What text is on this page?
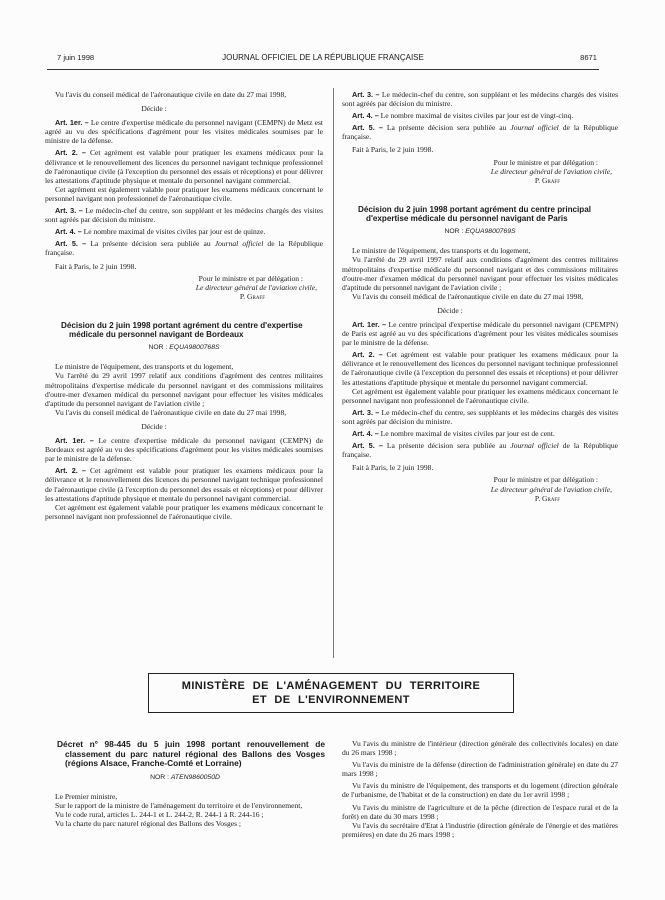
7 juin 1998	JOURNAL OFFICIEL DE LA RÉPUBLIQUE FRANÇAISE	8671

Vu l'avis du conseil médical de l'aéronautique civile en date du 27 mai 1998,

Décide :

Art. 1er. – Le centre d'expertise médicale du personnel navigant (CEMPN) de Metz est agréé au vu des spécifications d'agrément pour les visites médicales soumises par le ministre de la défense.

Art. 2. – Cet agrément est valable pour pratiquer les examens médicaux pour la délivrance et le renouvellement des licences du personnel navigant technique professionnel de l'aéronautique civile (à l'exception du personnel des essais et réceptions) et pour délivrer les attestations d'aptitude physique et mentale du personnel navigant commercial.

Cet agrément est également valable pour pratiquer les examens médicaux concernant le personnel navigant non professionnel de l'aéronautique civile.

Art. 3. – Le médecin-chef du centre, son suppléant et les médecins chargés des visites sont agréés par décision du ministre.

Art. 4. – Le nombre maximal de visites civiles par jour est de quinze.

Art. 5. – La présente décision sera publiée au Journal officiel de la République française.

Fait à Paris, le 2 juin 1998.

Pour le ministre et par délégation :

Le directeur général de l'aviation civile,

P. Graff

Décision du 2 juin 1998 portant agrément du centre d'expertise médicale du personnel navigant de Bordeaux

NOR : EQUA9800768S

Le ministre de l'équipement, des transports et du logement,

Vu l'arrêté du 29 avril 1997 relatif aux conditions d'agrément des centres militaires métropolitains d'expertise médicale du personnel navigant et des commissions militaires d'outre-mer d'examen médical du personnel navigant pour effectuer les visites médicales d'aptitude du personnel navigant de l'aviation civile ;

Vu l'avis du conseil médical de l'aéronautique civile en date du 27 mai 1998,

Décide :

Art. 1er. – Le centre d'expertise médicale du personnel navigant (CEMPN) de Bordeaux est agréé au vu des spécifications d'agrément pour les visites médicales soumises par le ministre de la défense.

Art. 2. – Cet agrément est valable pour pratiquer les examens médicaux pour la délivrance et le renouvellement des licences du personnel navigant technique professionnel de l'aéronautique civile (à l'exception du personnel des essais et réceptions) et pour délivrer les attestations d'aptitude physique et mentale du personnel navigant commercial.

Cet agrément est également valable pour pratiquer les examens médicaux concernant le personnel navigant non professionnel de l'aéronautique civile.

Art. 3. – Le médecin-chef du centre, son suppléant et les médecins chargés des visites sont agréés par décision du ministre.

Art. 4. – Le nombre maximal de visites civiles par jour est de vingt-cinq.

Art. 5. – La présente décision sera publiée au Journal officiel de la République française.

Fait à Paris, le 2 juin 1998.

Pour le ministre et par délégation :

Le directeur général de l'aviation civile,

P. Graff

Décision du 2 juin 1998 portant agrément du centre principal d'expertise médicale du personnel navigant de Paris

NOR : EQUA9800769S

Le ministre de l'équipement, des transports et du logement,

Vu l'arrêté du 29 avril 1997 relatif aux conditions d'agrément des centres militaires métropolitains d'expertise médicale du personnel navigant et des commissions militaires d'outre-mer d'examen médical du personnel navigant pour effectuer les visites médicales d'aptitude du personnel navigant de l'aviation civile ;

Vu l'avis du conseil médical de l'aéronautique civile en date du 27 mai 1998,

Décide :

Art. 1er. – Le centre principal d'expertise médicale du personnel navigant (CPEMPN) de Paris est agréé au vu des spécifications d'agrément pour les visites médicales soumises par le ministre de la défense.

Art. 2. – Cet agrément est valable pour pratiquer les examens médicaux pour la délivrance et le renouvellement des licences du personnel navigant technique professionnel de l'aéronautique civile (à l'exception du personnel des essais et réceptions) et pour délivrer les attestations d'aptitude physique et mentale du personnel navigant commercial.

Cet agrément est également valable pour pratiquer les examens médicaux concernant le personnel navigant non professionnel de l'aéronautique civile.

Art. 3. – Le médecin-chef du centre, ses suppléants et les médecins chargés des visites sont agréés par décision du ministre.

Art. 4. – Le nombre maximal de visites civiles par jour est de cent.

Art. 5. – La présente décision sera publiée au Journal officiel de la République française.

Fait à Paris, le 2 juin 1998.

Pour le ministre et par délégation :

Le directeur général de l'aviation civile,

P. Graff

MINISTÈRE DE L'AMÉNAGEMENT DU TERRITOIRE
ET DE L'ENVIRONNEMENT

Décret n° 98-445 du 5 juin 1998 portant renouvellement de classement du parc naturel régional des Ballons des Vosges (régions Alsace, Franche-Comté et Lorraine)

NOR : ATEN9860050D

Le Premier ministre,

Sur le rapport de la ministre de l'aménagement du territoire et de l'environnement,

Vu le code rural, articles L. 244-1 et L. 244-2, R. 244-1 à R. 244-16 ;

Vu la charte du parc naturel régional des Ballons des Vosges ;

Vu l'avis du ministre de l'intérieur (direction générale des collectivités locales) en date du 26 mars 1998 ;

Vu l'avis du ministre de la défense (direction de l'administration générale) en date du 27 mars 1998 ;

Vu l'avis du ministre de l'équipement, des transports et du logement (direction générale de l'urbanisme, de l'habitat et de la construction) en date du 1er avril 1998 ;

Vu l'avis du ministre de l'agriculture et de la pêche (direction de l'espace rural et de la forêt) en date du 30 mars 1998 ;

Vu l'avis du secrétaire d'Etat à l'industrie (direction générale de l'énergie et des matières premières) en date du 26 mars 1998 ;
